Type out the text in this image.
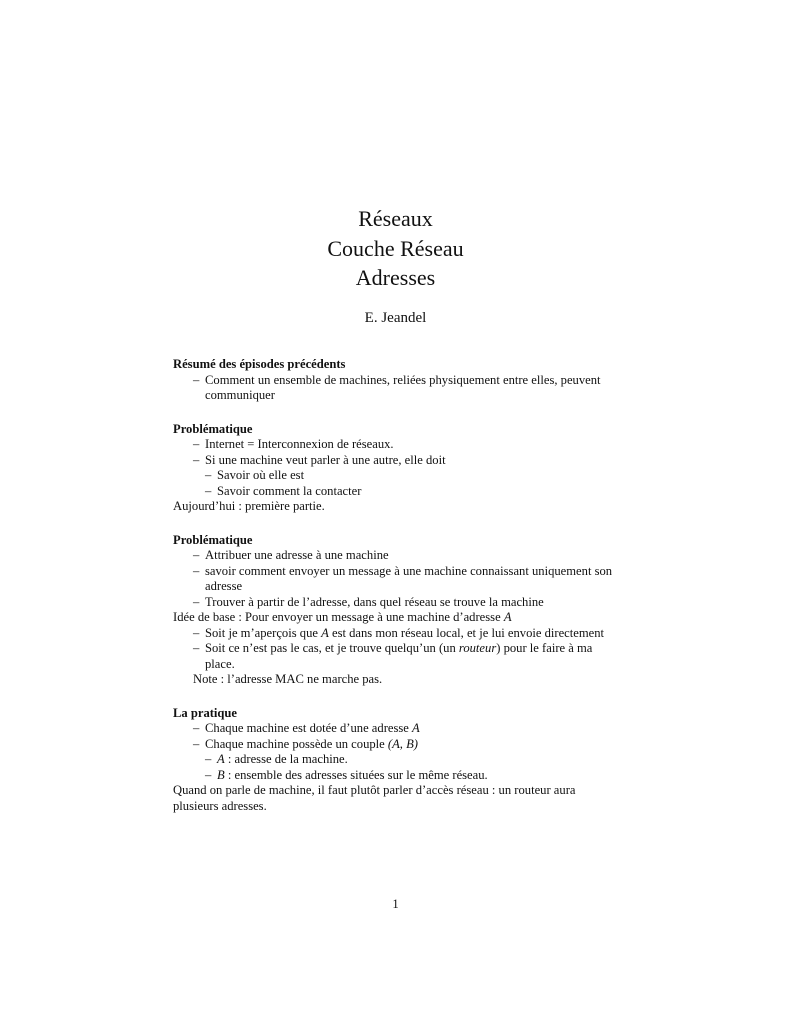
Réseaux
Couche Réseau
Adresses
E. Jeandel

Résumé des épisodes précédents

– Comment un ensemble de machines, reliées physiquement entre elles, peuvent communiquer

Problématique

– Internet = Interconnexion de réseaux.
– Si une machine veut parler à une autre, elle doit
– Savoir où elle est
– Savoir comment la contacter

Aujourd’hui : première partie.

Problématique

– Attribuer une adresse à une machine
– savoir comment envoyer un message à une machine connaissant uniquement son adresse
– Trouver à partir de l’adresse, dans quel réseau se trouve la machine

Idée de base : Pour envoyer un message à une machine d’adresse A

– Soit je m’aperçois que A est dans mon réseau local, et je lui envoie directement
– Soit ce n’est pas le cas, et je trouve quelqu’un (un routeur) pour le faire à ma place.

Note : l’adresse MAC ne marche pas.

La pratique

– Chaque machine est dotée d’une adresse A
– Chaque machine possède un couple (A, B)
– A : adresse de la machine.
– B : ensemble des adresses situées sur le même réseau.

Quand on parle de machine, il faut plutôt parler d’accès réseau : un routeur aura plusieurs adresses.

1
